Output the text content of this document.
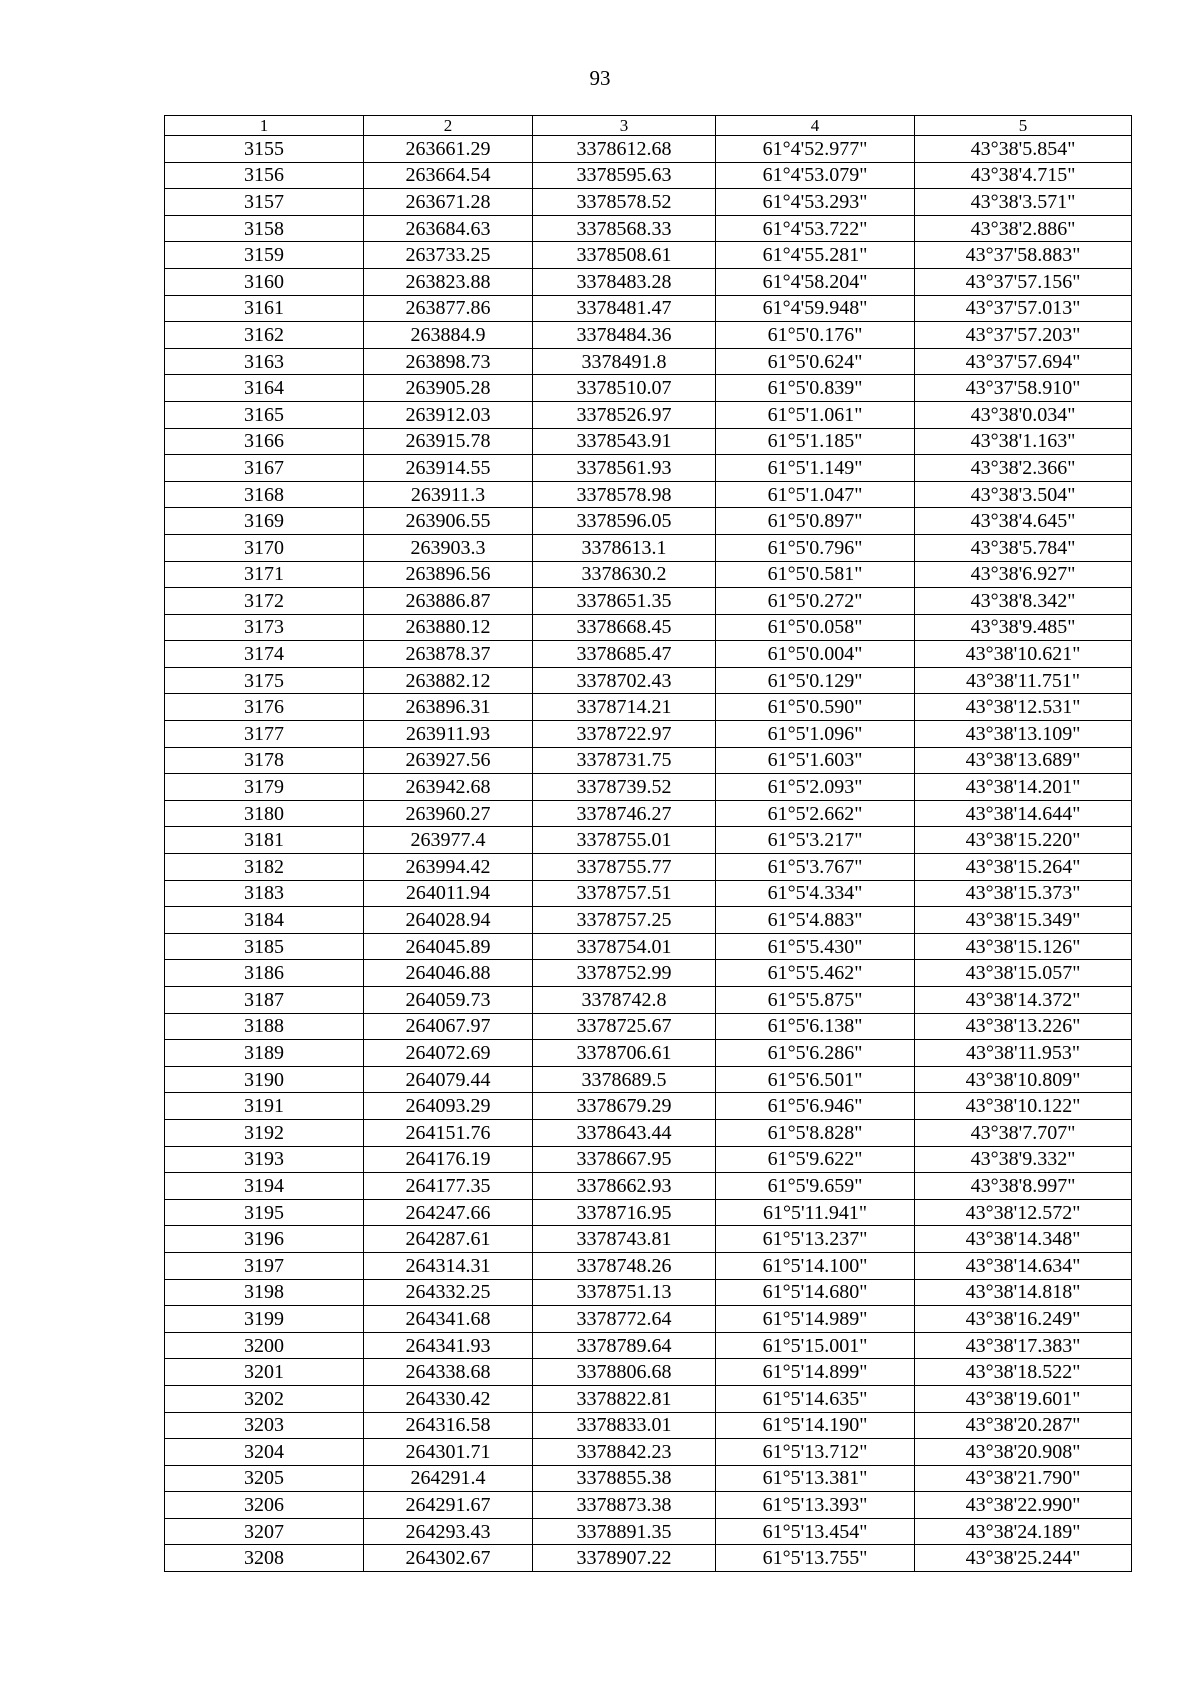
93
1	2	3	4	5
3155	263661.29	3378612.68	61°4'52.977"	43°38'5.854"
3156	263664.54	3378595.63	61°4'53.079"	43°38'4.715"
3157	263671.28	3378578.52	61°4'53.293"	43°38'3.571"
3158	263684.63	3378568.33	61°4'53.722"	43°38'2.886"
3159	263733.25	3378508.61	61°4'55.281"	43°37'58.883"
3160	263823.88	3378483.28	61°4'58.204"	43°37'57.156"
3161	263877.86	3378481.47	61°4'59.948"	43°37'57.013"
3162	263884.9	3378484.36	61°5'0.176"	43°37'57.203"
3163	263898.73	3378491.8	61°5'0.624"	43°37'57.694"
3164	263905.28	3378510.07	61°5'0.839"	43°37'58.910"
3165	263912.03	3378526.97	61°5'1.061"	43°38'0.034"
3166	263915.78	3378543.91	61°5'1.185"	43°38'1.163"
3167	263914.55	3378561.93	61°5'1.149"	43°38'2.366"
3168	263911.3	3378578.98	61°5'1.047"	43°38'3.504"
3169	263906.55	3378596.05	61°5'0.897"	43°38'4.645"
3170	263903.3	3378613.1	61°5'0.796"	43°38'5.784"
3171	263896.56	3378630.2	61°5'0.581"	43°38'6.927"
3172	263886.87	3378651.35	61°5'0.272"	43°38'8.342"
3173	263880.12	3378668.45	61°5'0.058"	43°38'9.485"
3174	263878.37	3378685.47	61°5'0.004"	43°38'10.621"
3175	263882.12	3378702.43	61°5'0.129"	43°38'11.751"
3176	263896.31	3378714.21	61°5'0.590"	43°38'12.531"
3177	263911.93	3378722.97	61°5'1.096"	43°38'13.109"
3178	263927.56	3378731.75	61°5'1.603"	43°38'13.689"
3179	263942.68	3378739.52	61°5'2.093"	43°38'14.201"
3180	263960.27	3378746.27	61°5'2.662"	43°38'14.644"
3181	263977.4	3378755.01	61°5'3.217"	43°38'15.220"
3182	263994.42	3378755.77	61°5'3.767"	43°38'15.264"
3183	264011.94	3378757.51	61°5'4.334"	43°38'15.373"
3184	264028.94	3378757.25	61°5'4.883"	43°38'15.349"
3185	264045.89	3378754.01	61°5'5.430"	43°38'15.126"
3186	264046.88	3378752.99	61°5'5.462"	43°38'15.057"
3187	264059.73	3378742.8	61°5'5.875"	43°38'14.372"
3188	264067.97	3378725.67	61°5'6.138"	43°38'13.226"
3189	264072.69	3378706.61	61°5'6.286"	43°38'11.953"
3190	264079.44	3378689.5	61°5'6.501"	43°38'10.809"
3191	264093.29	3378679.29	61°5'6.946"	43°38'10.122"
3192	264151.76	3378643.44	61°5'8.828"	43°38'7.707"
3193	264176.19	3378667.95	61°5'9.622"	43°38'9.332"
3194	264177.35	3378662.93	61°5'9.659"	43°38'8.997"
3195	264247.66	3378716.95	61°5'11.941"	43°38'12.572"
3196	264287.61	3378743.81	61°5'13.237"	43°38'14.348"
3197	264314.31	3378748.26	61°5'14.100"	43°38'14.634"
3198	264332.25	3378751.13	61°5'14.680"	43°38'14.818"
3199	264341.68	3378772.64	61°5'14.989"	43°38'16.249"
3200	264341.93	3378789.64	61°5'15.001"	43°38'17.383"
3201	264338.68	3378806.68	61°5'14.899"	43°38'18.522"
3202	264330.42	3378822.81	61°5'14.635"	43°38'19.601"
3203	264316.58	3378833.01	61°5'14.190"	43°38'20.287"
3204	264301.71	3378842.23	61°5'13.712"	43°38'20.908"
3205	264291.4	3378855.38	61°5'13.381"	43°38'21.790"
3206	264291.67	3378873.38	61°5'13.393"	43°38'22.990"
3207	264293.43	3378891.35	61°5'13.454"	43°38'24.189"
3208	264302.67	3378907.22	61°5'13.755"	43°38'25.244"
